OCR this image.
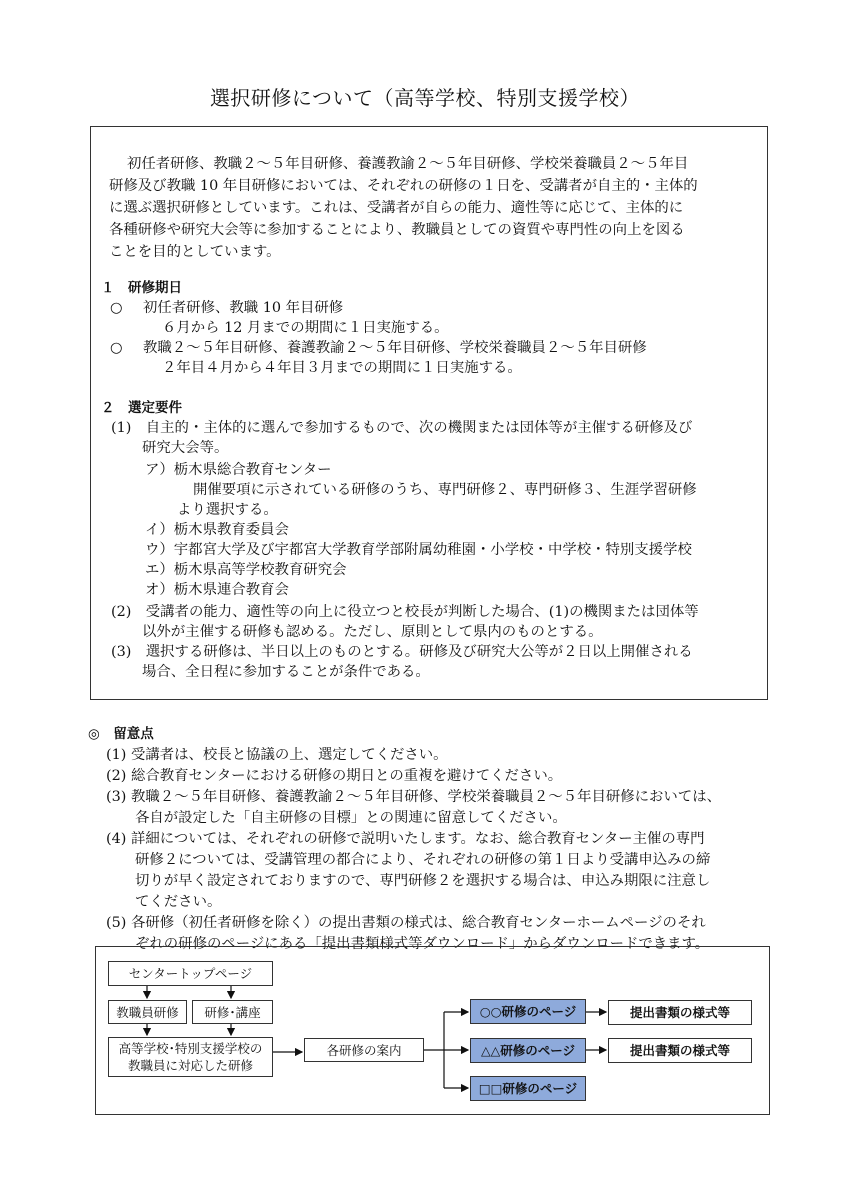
選択研修について（高等学校、特別支援学校）
初任者研修、教職２～５年目研修、養護教諭２～５年目研修、学校栄養職員２～５年目
研修及び教職 10 年目研修においては、それぞれの研修の１日を、受講者が自主的・主体的
に選ぶ選択研修としています。これは、受講者が自らの能力、適性等に応じて、主体的に
各種研修や研究大会等に参加することにより、教職員としての資質や専門性の向上を図る
ことを目的としています。
１　研修期日
○ 初任者研修、教職 10 年目研修
６月から 12 月までの期間に１日実施する。
○ 教職２～５年目研修、養護教諭２～５年目研修、学校栄養職員２～５年目研修
２年目４月から４年目３月までの期間に１日実施する。
２　選定要件
(1)　自主的・主体的に選んで参加するもので、次の機関または団体等が主催する研修及び
研究大会等。
ア）栃木県総合教育センター
開催要項に示されている研修のうち、専門研修２、専門研修３、生涯学習研修
より選択する。
イ）栃木県教育委員会
ウ）宇都宮大学及び宇都宮大学教育学部附属幼稚園・小学校・中学校・特別支援学校
エ）栃木県高等学校教育研究会
オ）栃木県連合教育会
(2)　受講者の能力、適性等の向上に役立つと校長が判断した場合、(1)の機関または団体等
以外が主催する研修も認める。ただし、原則として県内のものとする。
(3)　選択する研修は、半日以上のものとする。研修及び研究大公等が２日以上開催される
場合、全日程に参加することが条件である。
◎　留意点
(1) 受講者は、校長と協議の上、選定してください。
(2) 総合教育センターにおける研修の期日との重複を避けてください。
(3) 教職２～５年目研修、養護教諭２～５年目研修、学校栄養職員２～５年目研修においては、
各自が設定した「自主研修の目標」との関連に留意してください。
(4) 詳細については、それぞれの研修で説明いたします。なお、総合教育センター主催の専門
研修２については、受講管理の都合により、それぞれの研修の第１日より受講申込みの締
切りが早く設定されておりますので、専門研修２を選択する場合は、申込み期限に注意し
てください。
(5) 各研修（初任者研修を除く）の提出書類の様式は、総合教育センターホームページのそれ
ぞれの研修のページにある「提出書類様式等ダウンロード」からダウンロードできます。
センタートップページ
教職員研修 研修･講座
高等学校･特別支援学校の
教職員に対応した研修
各研修の案内
○○研修のページ
△△研修のページ
□□研修のページ
提出書類の様式等
提出書類の様式等
